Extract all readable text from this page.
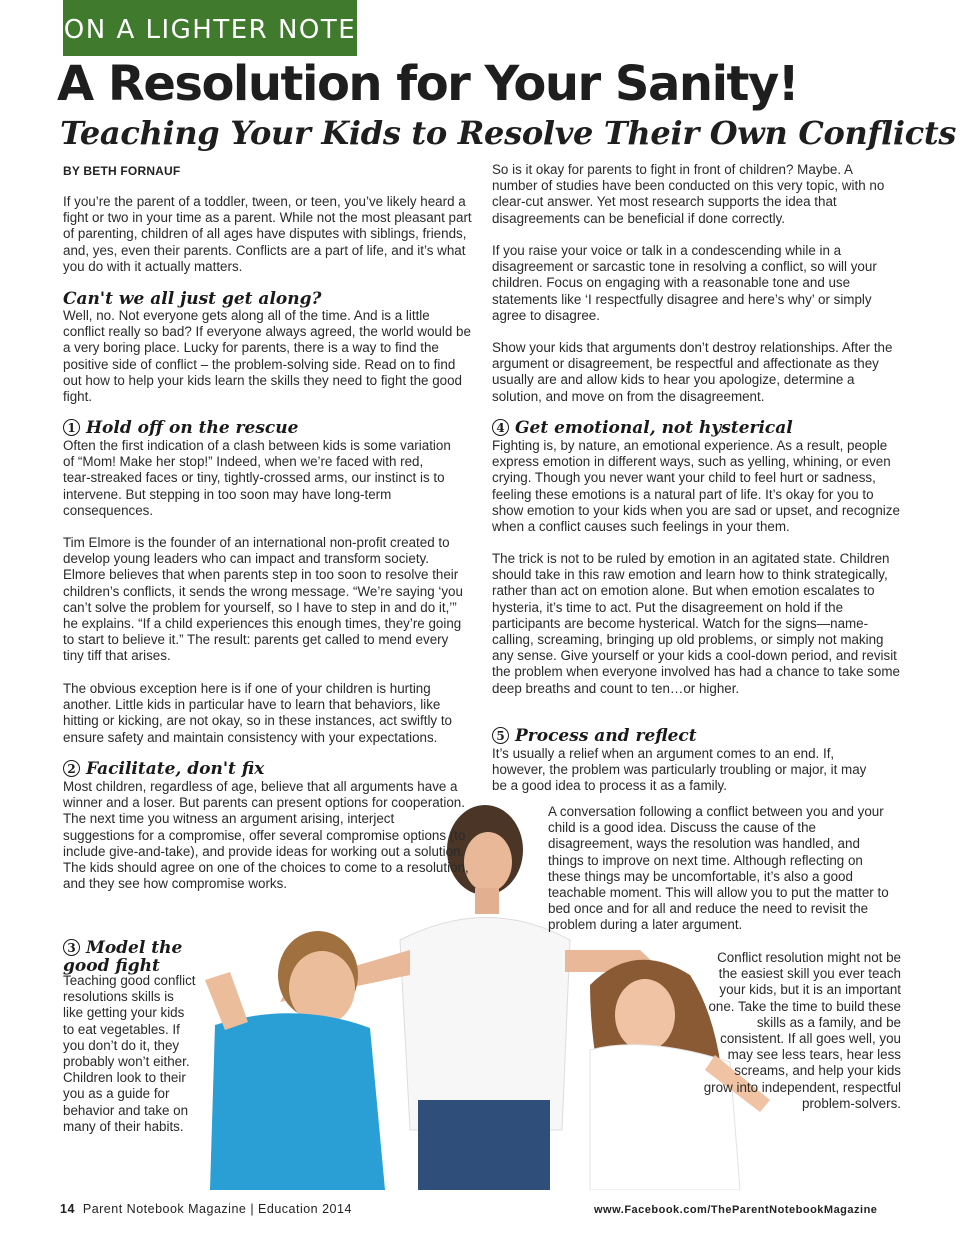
ON A LIGHTER NOTE
A Resolution for Your Sanity!
Teaching Your Kids to Resolve Their Own Conflicts
BY BETH FORNAUF
If you’re the parent of a toddler, tween, or teen, you’ve likely heard a fight or two in your time as a parent. While not the most pleasant part of parenting, children of all ages have disputes with siblings, friends, and, yes, even their parents. Conflicts are a part of life, and it’s what you do with it actually matters.
Can't we all just get along?
Well, no. Not everyone gets along all of the time. And is a little conflict really so bad? If everyone always agreed, the world would be a very boring place. Lucky for parents, there is a way to find the positive side of conflict – the problem-solving side. Read on to find out how to help your kids learn the skills they need to fight the good fight.
1 Hold off on the rescue
Often the first indication of a clash between kids is some variation of “Mom! Make her stop!” Indeed, when we’re faced with red, tear-streaked faces or tiny, tightly-crossed arms, our instinct is to intervene. But stepping in too soon may have long-term consequences.
Tim Elmore is the founder of an international non-profit created to develop young leaders who can impact and transform society. Elmore believes that when parents step in too soon to resolve their children’s conflicts, it sends the wrong message. “We’re saying ‘you can’t solve the problem for yourself, so I have to step in and do it,’” he explains. “If a child experiences this enough times, they’re going to start to believe it.” The result: parents get called to mend every tiny tiff that arises.
The obvious exception here is if one of your children is hurting another. Little kids in particular have to learn that behaviors, like hitting or kicking, are not okay, so in these instances, act swiftly to ensure safety and maintain consistency with your expectations.
2 Facilitate, don't fix
Most children, regardless of age, believe that all arguments have a winner and a loser. But parents can present options for cooperation. The next time you witness an argument arising, interject suggestions for a compromise, offer several compromise options (to include give-and-take), and provide ideas for working out a solution. The kids should agree on one of the choices to come to a resolution, and they see how compromise works.
3 Model the good fight
Teaching good conflict resolutions skills is like getting your kids to eat vegetables. If you don’t do it, they probably won’t either. Children look to their you as a guide for behavior and take on many of their habits.
So is it okay for parents to fight in front of children? Maybe. A number of studies have been conducted on this very topic, with no clear-cut answer. Yet most research supports the idea that disagreements can be beneficial if done correctly.
If you raise your voice or talk in a condescending while in a disagreement or sarcastic tone in resolving a conflict, so will your children. Focus on engaging with a reasonable tone and use statements like ‘I respectfully disagree and here’s why’ or simply agree to disagree.
Show your kids that arguments don’t destroy relationships. After the argument or disagreement, be respectful and affectionate as they usually are and allow kids to hear you apologize, determine a solution, and move on from the disagreement.
4 Get emotional, not hysterical
Fighting is, by nature, an emotional experience. As a result, people express emotion in different ways, such as yelling, whining, or even crying. Though you never want your child to feel hurt or sadness, feeling these emotions is a natural part of life. It’s okay for you to show emotion to your kids when you are sad or upset, and recognize when a conflict causes such feelings in your them.
The trick is not to be ruled by emotion in an agitated state. Children should take in this raw emotion and learn how to think strategically, rather than act on emotion alone. But when emotion escalates to hysteria, it’s time to act. Put the disagreement on hold if the participants are become hysterical. Watch for the signs—name-calling, screaming, bringing up old problems, or simply not making any sense. Give yourself or your kids a cool-down period, and revisit the problem when everyone involved has had a chance to take some deep breaths and count to ten…or higher.
5 Process and reflect
It’s usually a relief when an argument comes to an end. If, however, the problem was particularly troubling or major, it may be a good idea to process it as a family.
A conversation following a conflict between you and your child is a good idea. Discuss the cause of the disagreement, ways the resolution was handled, and things to improve on next time. Although reflecting on these things may be uncomfortable, it’s also a good teachable moment. This will allow you to put the matter to bed once and for all and reduce the need to revisit the problem during a later argument.
Conflict resolution might not be the easiest skill you ever teach your kids, but it is an important one. Take the time to build these skills as a family, and be consistent. If all goes well, you may see less tears, hear less screams, and help your kids grow into independent, respectful problem-solvers.
14 Parent Notebook Magazine | Education 2014	www.Facebook.com/TheParentNotebookMagazine
